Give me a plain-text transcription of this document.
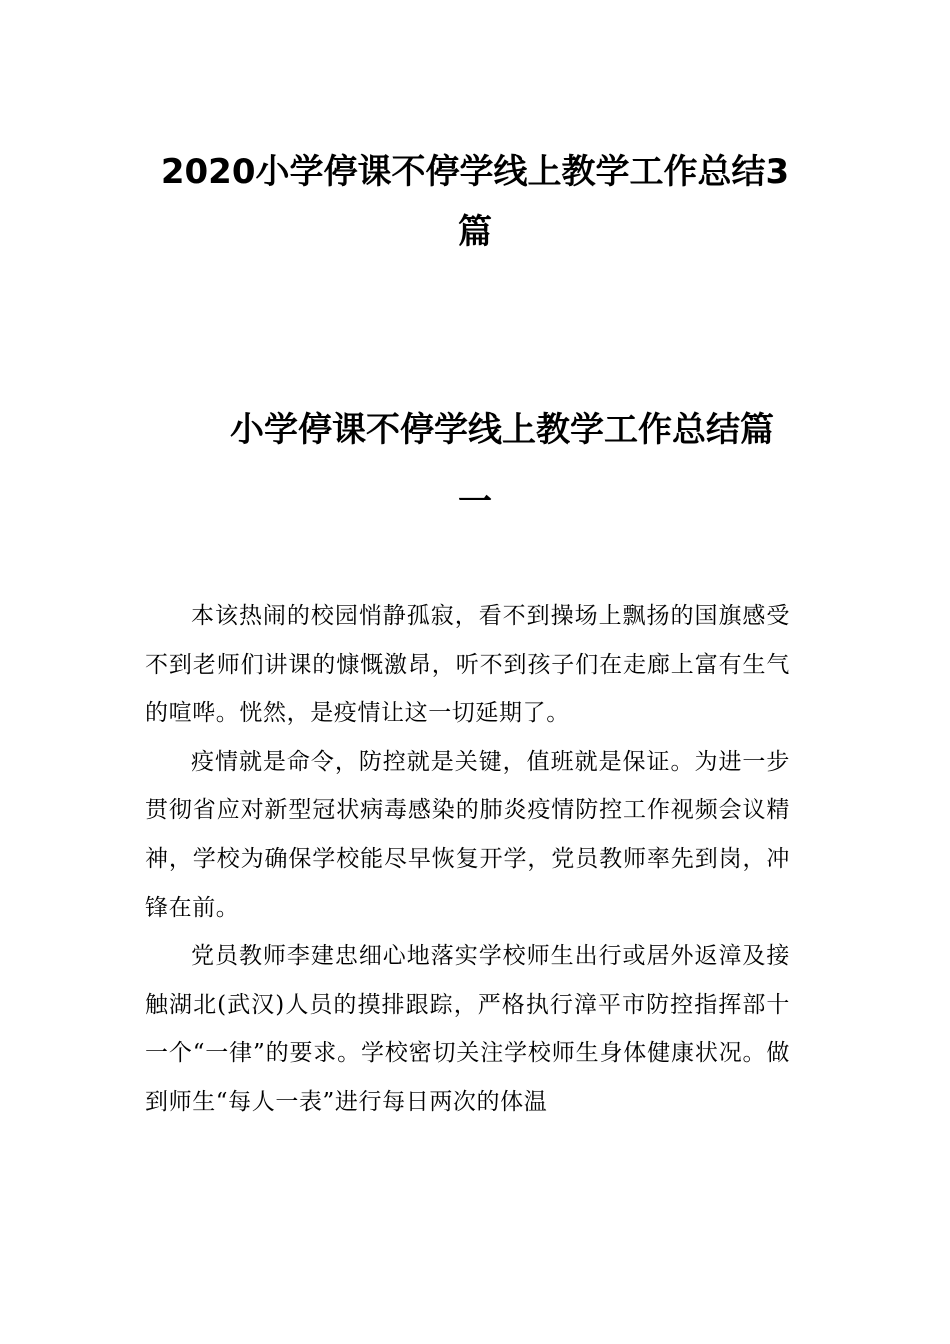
2020小学停课不停学线上教学工作总结3
篇
小学停课不停学线上教学工作总结篇
一

本该热闹的校园悄静孤寂，看不到操场上飘扬的国旗感受不到老师们讲课的慷慨激昂，听不到孩子们在走廊上富有生气的喧哗。恍然，是疫情让这一切延期了。

疫情就是命令，防控就是关键，值班就是保证。为进一步贯彻省应对新型冠状病毒感染的肺炎疫情防控工作视频会议精神，学校为确保学校能尽早恢复开学，党员教师率先到岗，冲锋在前。

党员教师李建忠细心地落实学校师生出行或居外返漳及接触湖北(武汉)人员的摸排跟踪，严格执行漳平市防控指挥部十一个“一律”的要求。学校密切关注学校师生身体健康状况。做到师生“每人一表”进行每日两次的体温
